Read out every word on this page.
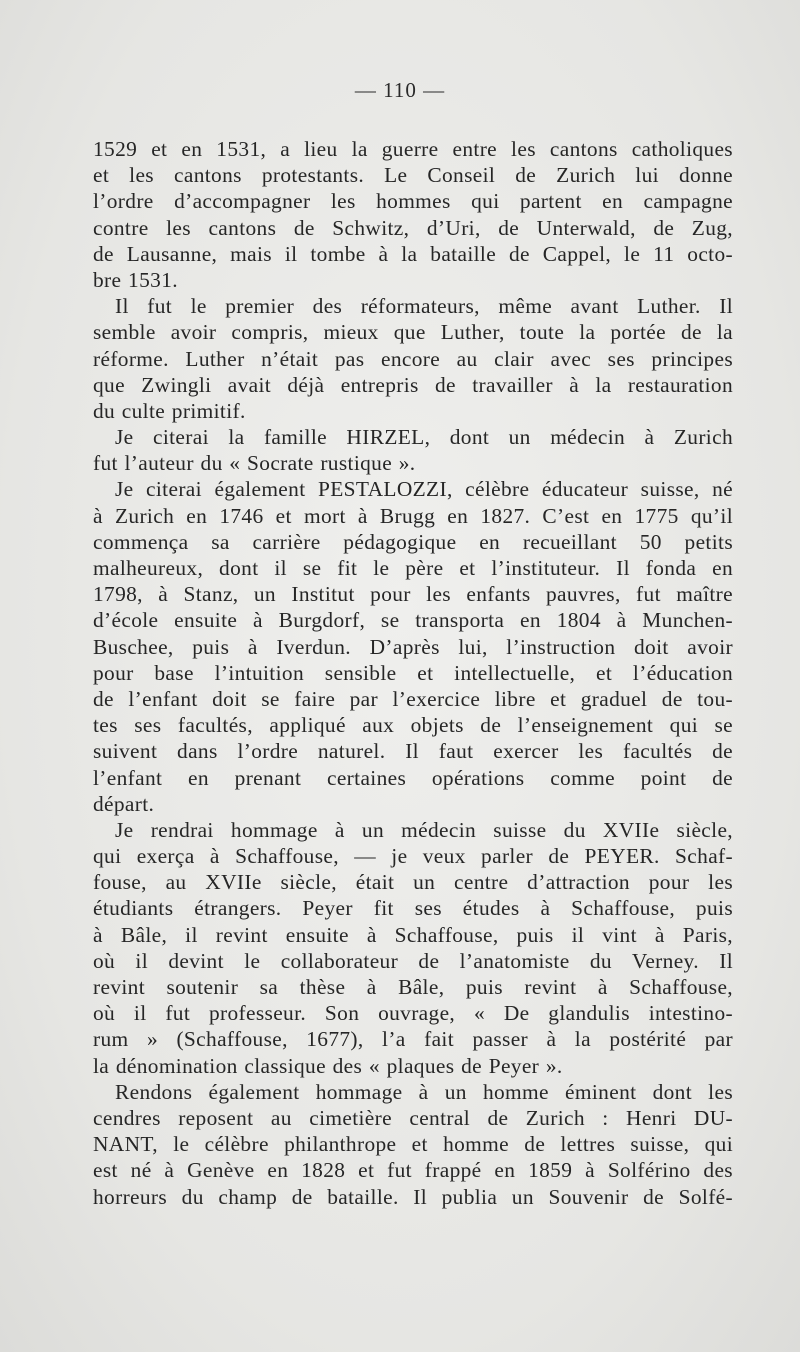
— 110 —
1529 et en 1531, a lieu la guerre entre les cantons catholiques
et les cantons protestants. Le Conseil de Zurich lui donne
l’ordre d’accompagner les hommes qui partent en campagne
contre les cantons de Schwitz, d’Uri, de Unterwald, de Zug,
de Lausanne, mais il tombe à la bataille de Cappel, le 11 octo-
bre 1531.
Il fut le premier des réformateurs, même avant Luther. Il
semble avoir compris, mieux que Luther, toute la portée de la
réforme. Luther n’était pas encore au clair avec ses principes
que Zwingli avait déjà entrepris de travailler à la restauration
du culte primitif.
Je citerai la famille HIRZEL, dont un médecin à Zurich
fut l’auteur du « Socrate rustique ».
Je citerai également PESTALOZZI, célèbre éducateur suisse, né
à Zurich en 1746 et mort à Brugg en 1827. C’est en 1775 qu’il
commença sa carrière pédagogique en recueillant 50 petits
malheureux, dont il se fit le père et l’instituteur. Il fonda en
1798, à Stanz, un Institut pour les enfants pauvres, fut maître
d’école ensuite à Burgdorf, se transporta en 1804 à Munchen-
Buschee, puis à Iverdun. D’après lui, l’instruction doit avoir
pour base l’intuition sensible et intellectuelle, et l’éducation
de l’enfant doit se faire par l’exercice libre et graduel de tou-
tes ses facultés, appliqué aux objets de l’enseignement qui se
suivent dans l’ordre naturel. Il faut exercer les facultés de
l’enfant en prenant certaines opérations comme point de
départ.
Je rendrai hommage à un médecin suisse du XVIIe siècle,
qui exerça à Schaffouse, — je veux parler de PEYER. Schaf-
fouse, au XVIIe siècle, était un centre d’attraction pour les
étudiants étrangers. Peyer fit ses études à Schaffouse, puis
à Bâle, il revint ensuite à Schaffouse, puis il vint à Paris,
où il devint le collaborateur de l’anatomiste du Verney. Il
revint soutenir sa thèse à Bâle, puis revint à Schaffouse,
où il fut professeur. Son ouvrage, « De glandulis intestino-
rum » (Schaffouse, 1677), l’a fait passer à la postérité par
la dénomination classique des « plaques de Peyer ».
Rendons également hommage à un homme éminent dont les
cendres reposent au cimetière central de Zurich : Henri DU-
NANT, le célèbre philanthrope et homme de lettres suisse, qui
est né à Genève en 1828 et fut frappé en 1859 à Solférino des
horreurs du champ de bataille. Il publia un Souvenir de Solfé-
